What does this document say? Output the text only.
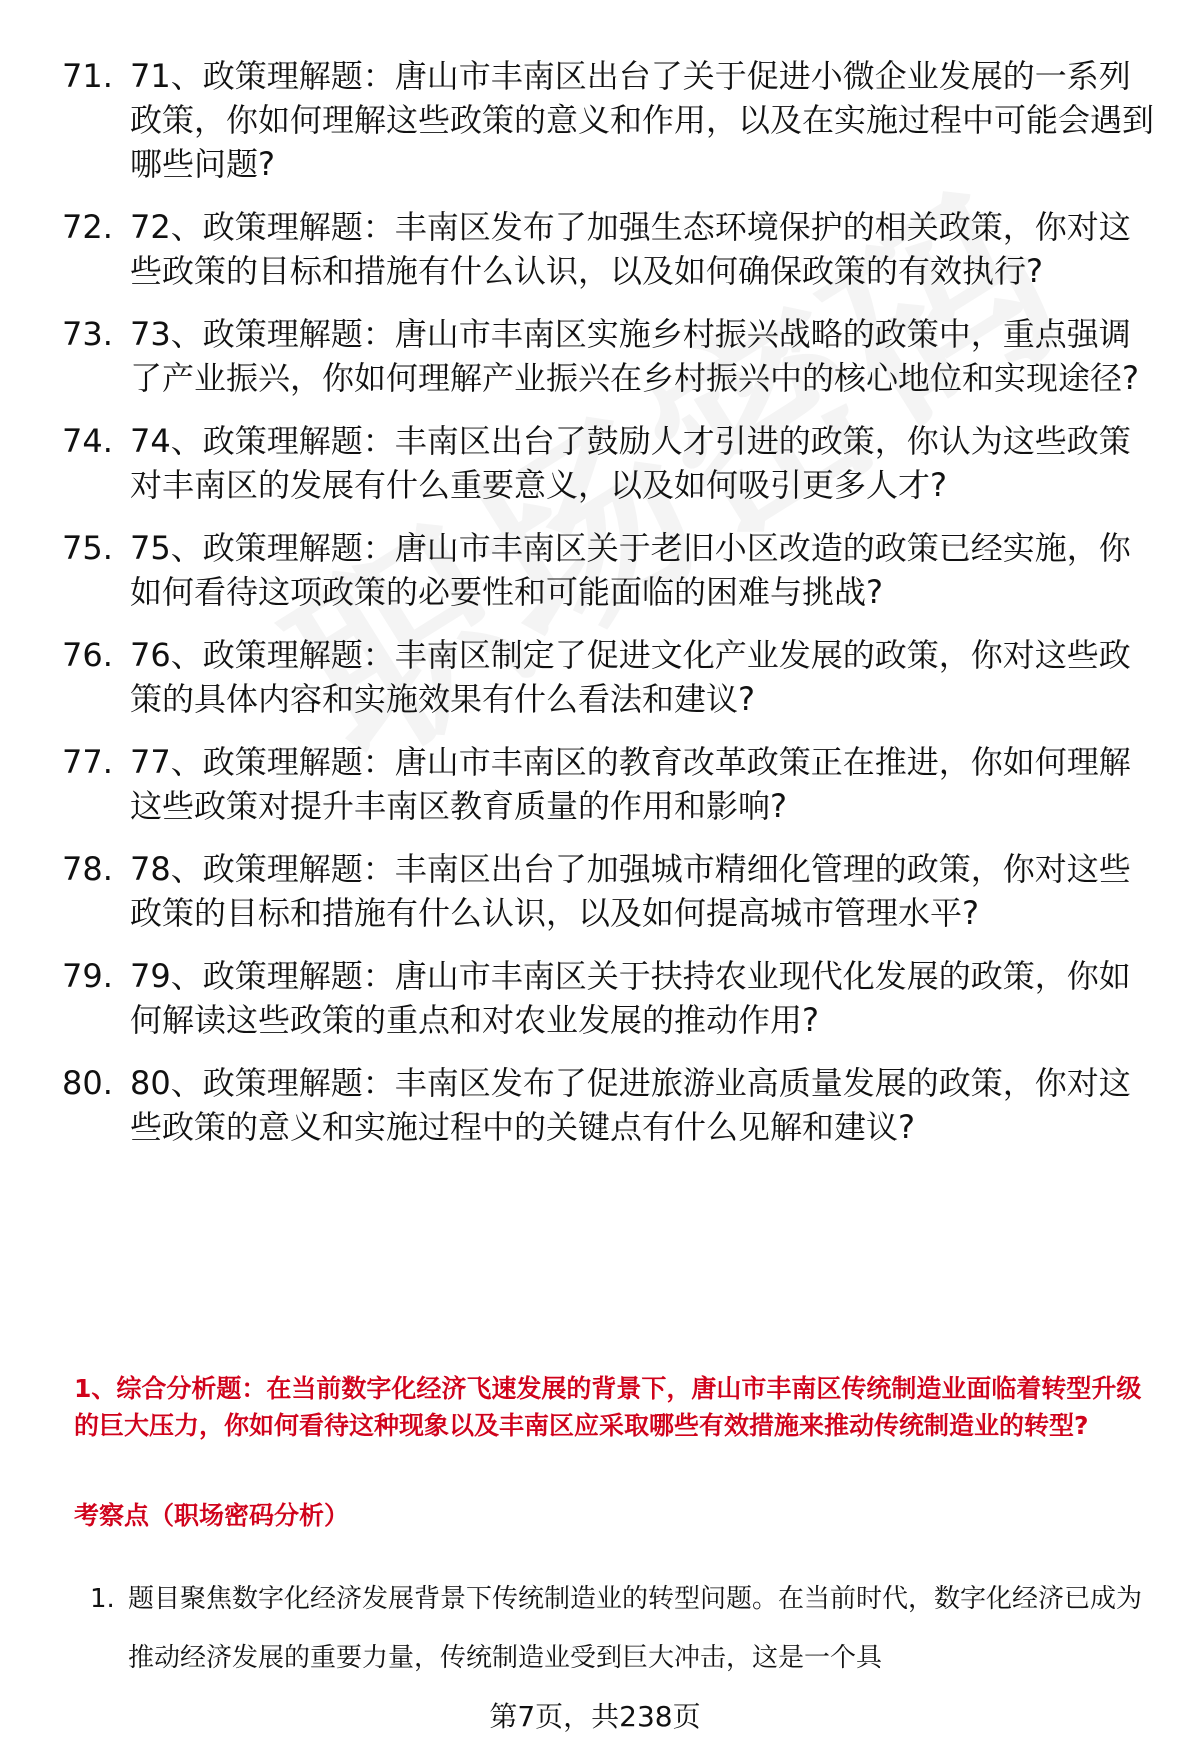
71. 71、政策理解题：唐山市丰南区出台了关于促进小微企业发展的一系列政策，你如何理解这些政策的意义和作用，以及在实施过程中可能会遇到哪些问题?
72. 72、政策理解题：丰南区发布了加强生态环境保护的相关政策，你对这些政策的目标和措施有什么认识，以及如何确保政策的有效执行?
73. 73、政策理解题：唐山市丰南区实施乡村振兴战略的政策中，重点强调了产业振兴，你如何理解产业振兴在乡村振兴中的核心地位和实现途径?
74. 74、政策理解题：丰南区出台了鼓励人才引进的政策，你认为这些政策对丰南区的发展有什么重要意义，以及如何吸引更多人才?
75. 75、政策理解题：唐山市丰南区关于老旧小区改造的政策已经实施，你如何看待这项政策的必要性和可能面临的困难与挑战?
76. 76、政策理解题：丰南区制定了促进文化产业发展的政策，你对这些政策的具体内容和实施效果有什么看法和建议?
77. 77、政策理解题：唐山市丰南区的教育改革政策正在推进，你如何理解这些政策对提升丰南区教育质量的作用和影响?
78. 78、政策理解题：丰南区出台了加强城市精细化管理的政策，你对这些政策的目标和措施有什么认识，以及如何提高城市管理水平?
79. 79、政策理解题：唐山市丰南区关于扶持农业现代化发展的政策，你如何解读这些政策的重点和对农业发展的推动作用?
80. 80、政策理解题：丰南区发布了促进旅游业高质量发展的政策，你对这些政策的意义和实施过程中的关键点有什么见解和建议?
1、综合分析题：在当前数字化经济飞速发展的背景下，唐山市丰南区传统制造业面临着转型升级的巨大压力，你如何看待这种现象以及丰南区应采取哪些有效措施来推动传统制造业的转型?
考察点（职场密码分析）
1. 题目聚焦数字化经济发展背景下传统制造业的转型问题。在当前时代，数字化经济已成为推动经济发展的重要力量，传统制造业受到巨大冲击，这是一个具
第7页，共238页
